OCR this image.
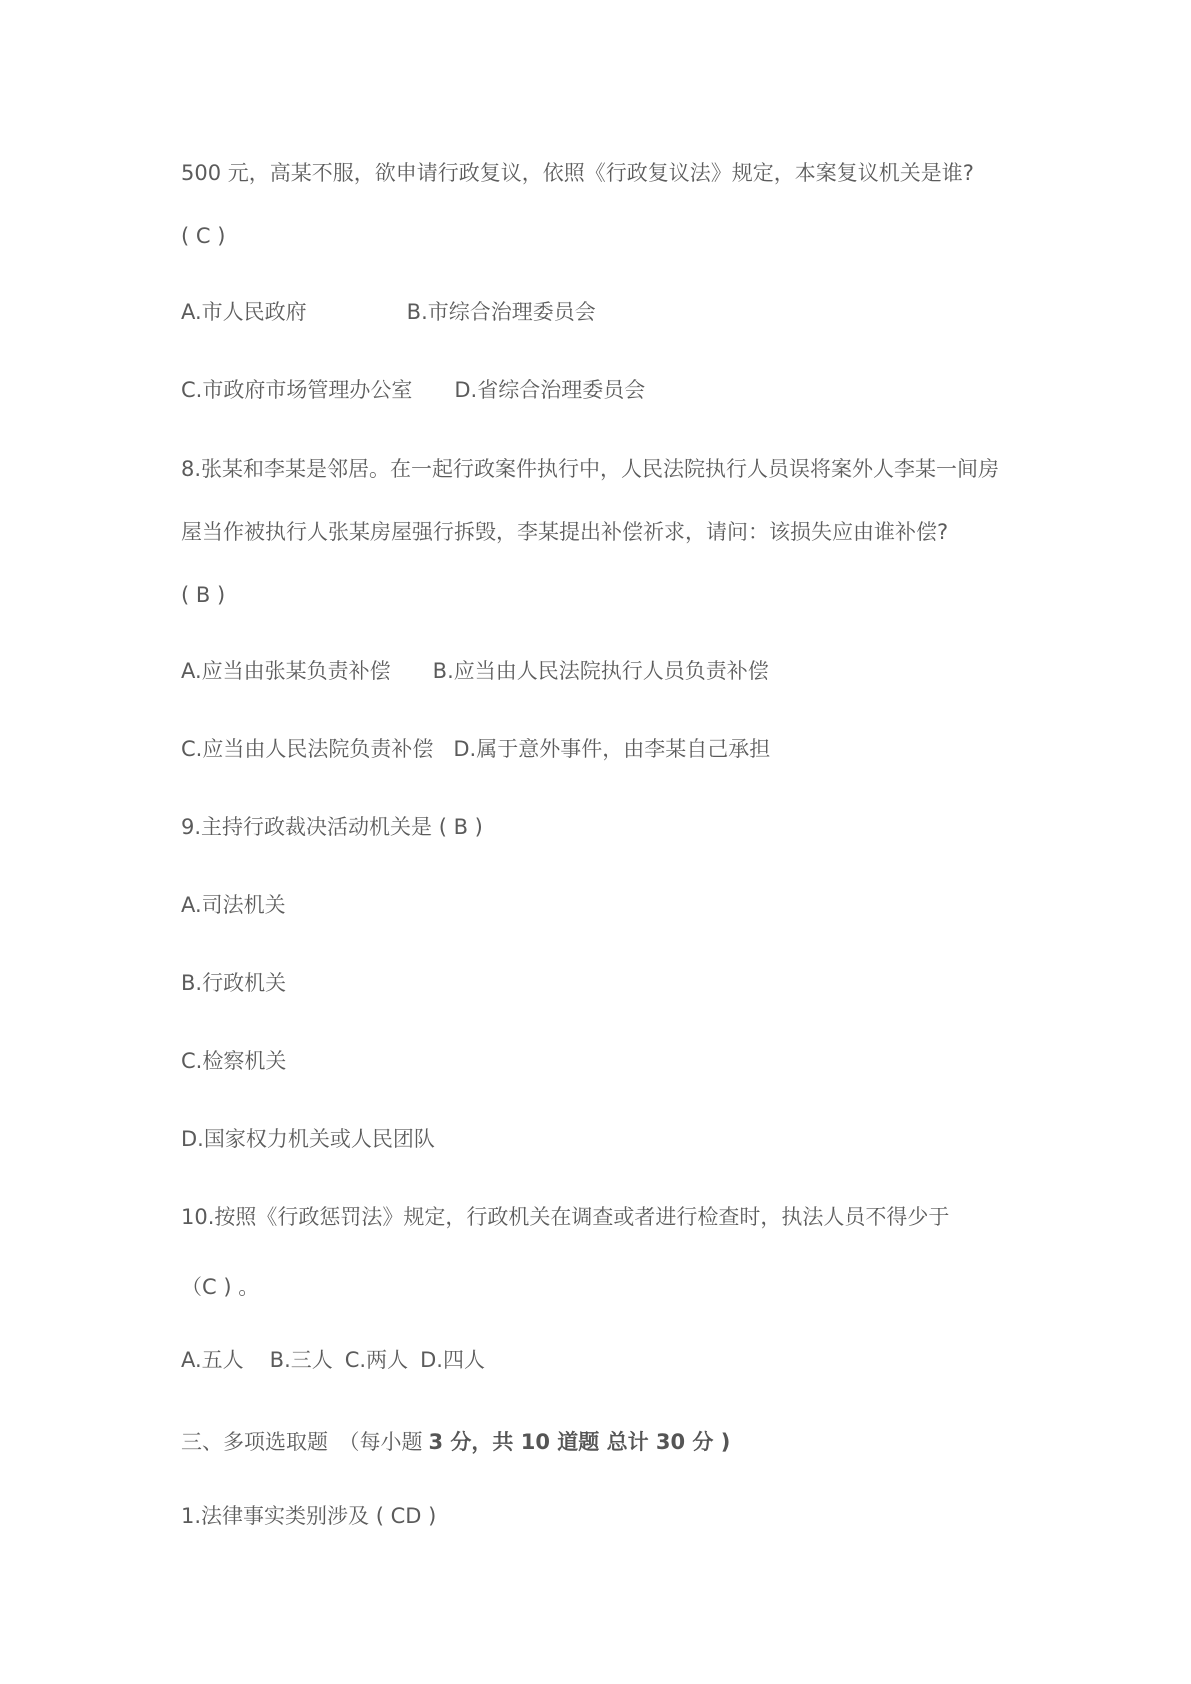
500 元，高某不服，欲申请行政复议，依照《行政复议法》规定，本案复议机关是谁?
( C )
A.市人民政府	B.市综合治理委员会
C.市政府市场管理办公室 D.省综合治理委员会
8.张某和李某是邻居。在一起行政案件执行中，人民法院执行人员误将案外人李某一间房
屋当作被执行人张某房屋强行拆毁，李某提出补偿祈求，请问：该损失应由谁补偿?
( B )
A.应当由张某负责补偿 B.应当由人民法院执行人员负责补偿
C.应当由人民法院负责补偿 D.属于意外事件，由李某自己承担
9.主持行政裁决活动机关是 ( B )
A.司法机关
B.行政机关
C.检察机关
D.国家权力机关或人民团队
10.按照《行政惩罚法》规定，行政机关在调查或者进行检查时，执法人员不得少于
（C ) 。
A.五人 B.三人 C.两人 D.四人
三、多项选取题　（每小题 3 分，共 10 道题 总计 30 分 )
1.法律事实类别涉及 ( CD )
